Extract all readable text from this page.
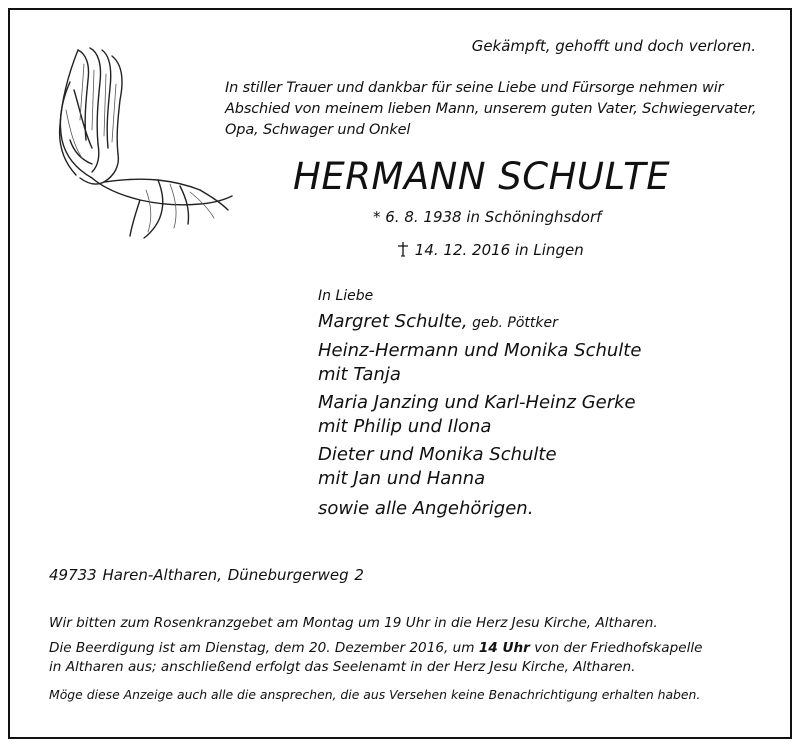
Gekämpft, gehofft und doch verloren.
In stiller Trauer und dankbar für seine Liebe und Fürsorge nehmen wir
Abschied von meinem lieben Mann, unserem guten Vater, Schwiegervater,
Opa, Schwager und Onkel
HERMANN SCHULTE
* 6. 8. 1938 in Schöninghsdorf
14. 12. 2016 in Lingen
In Liebe
Margret Schulte, geb. Pöttker
Heinz-Hermann und Monika Schulte
mit Tanja
Maria Janzing und Karl-Heinz Gerke
mit Philip und Ilona
Dieter und Monika Schulte
mit Jan und Hanna
sowie alle Angehörigen.
49733 Haren-Altharen, Düneburgerweg 2
Wir bitten zum Rosenkranzgebet am Montag um 19 Uhr in die Herz Jesu Kirche, Altharen.
Die Beerdigung ist am Dienstag, dem 20. Dezember 2016, um 14 Uhr von der Friedhofskapelle
in Altharen aus; anschließend erfolgt das Seelenamt in der Herz Jesu Kirche, Altharen.
Möge diese Anzeige auch alle die ansprechen, die aus Versehen keine Benachrichtigung erhalten haben.
